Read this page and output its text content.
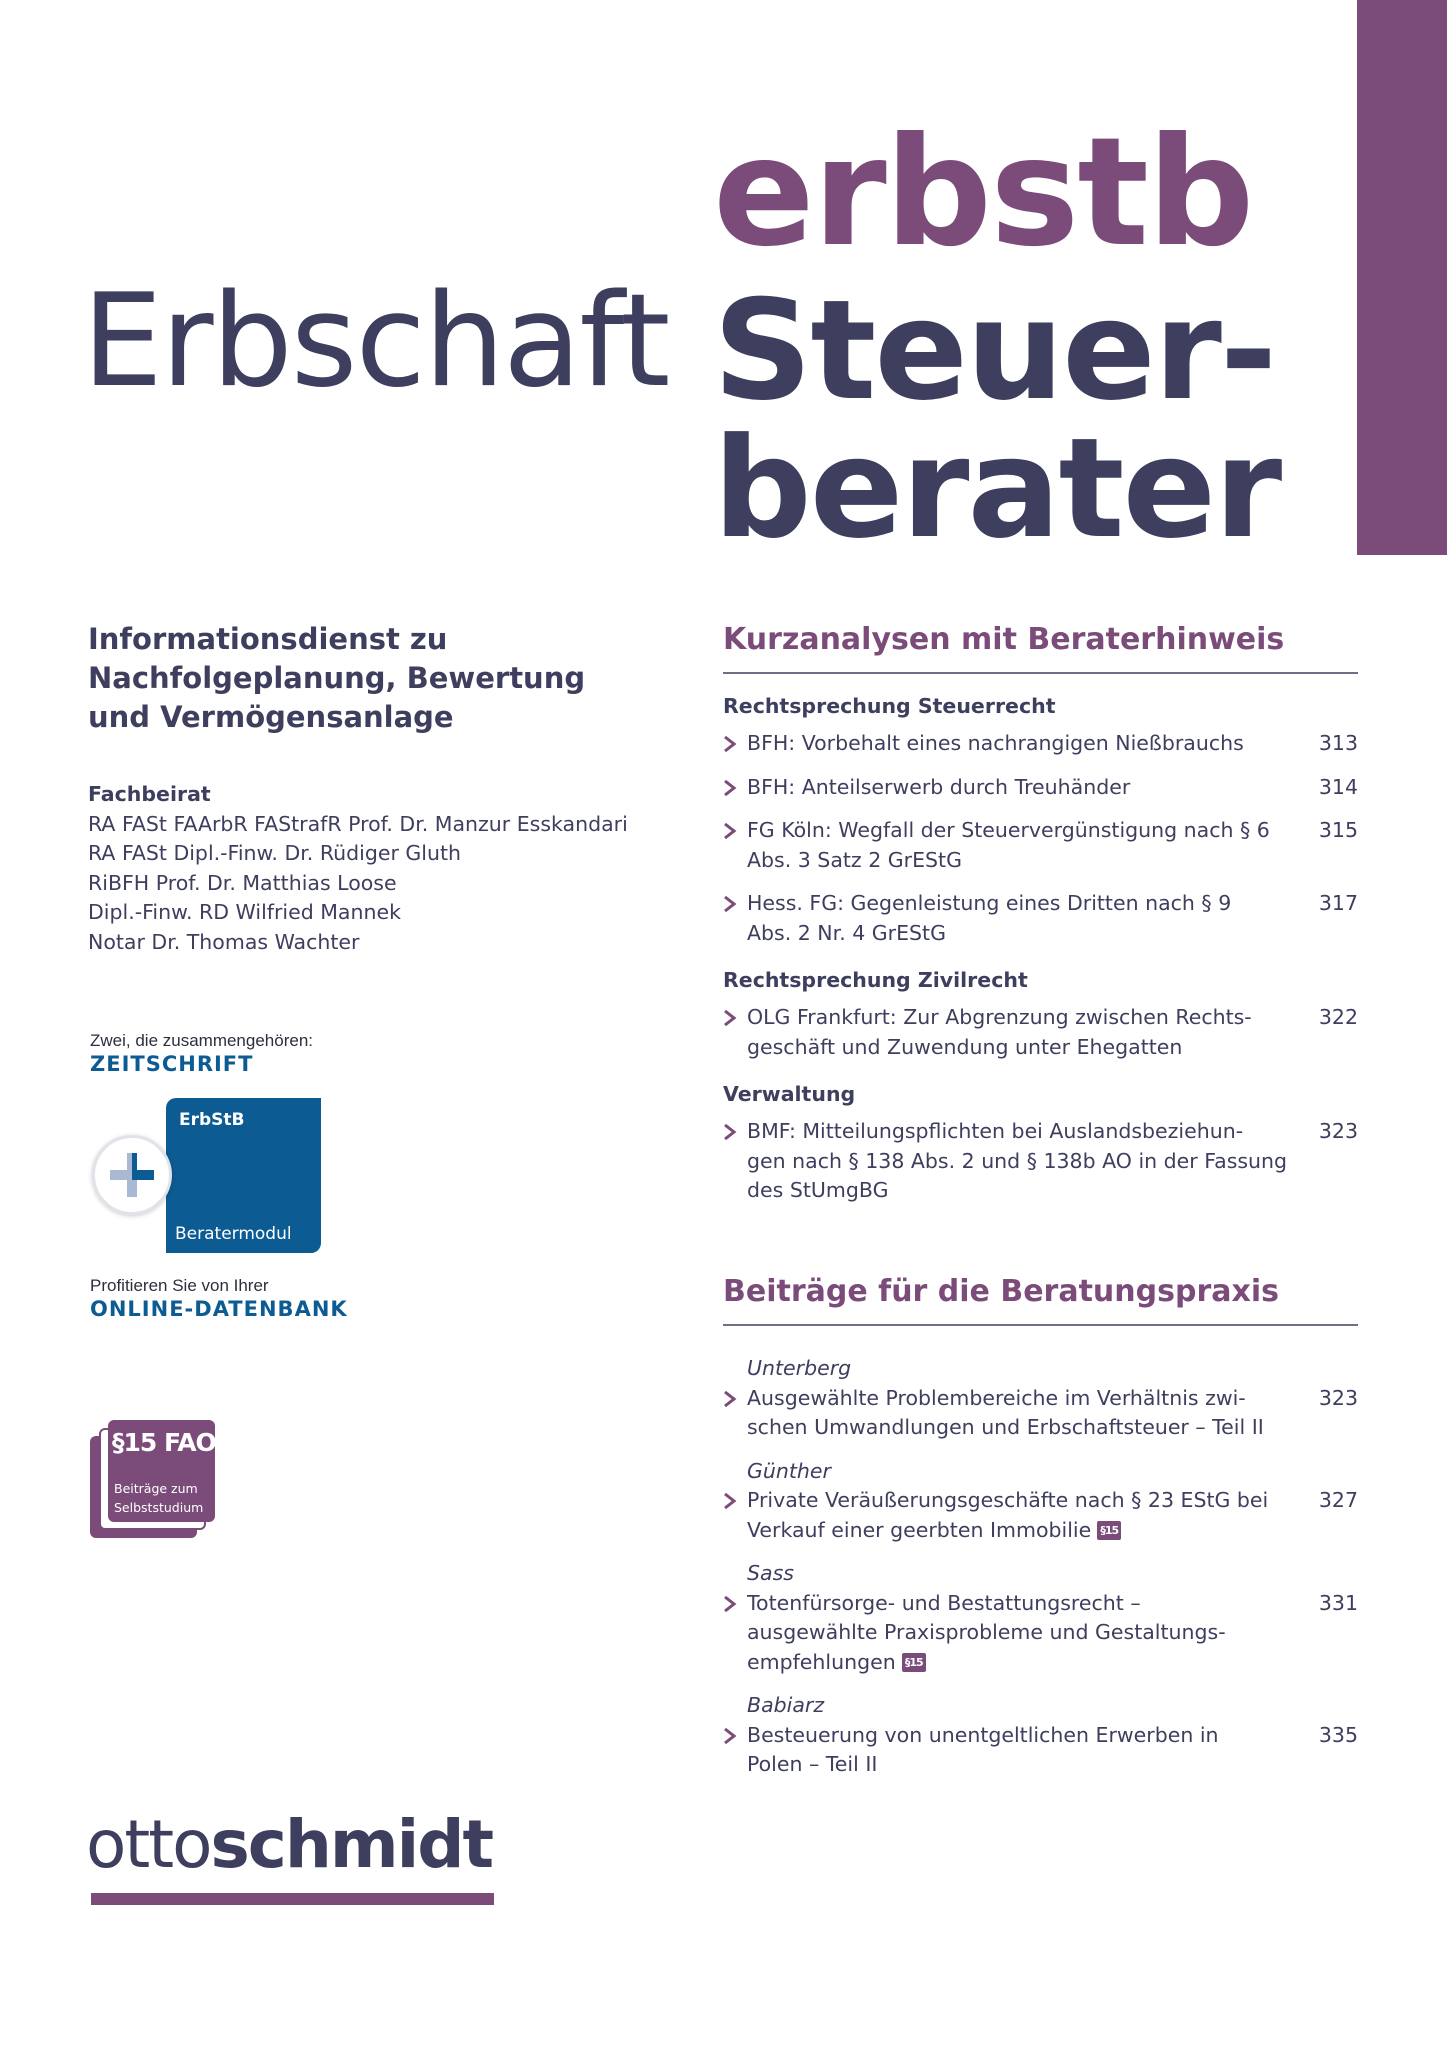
erbstb
Erbschaft Steuer-
berater
Informationsdienst zu
Nachfolgeplanung, Bewertung
und Vermögensanlage
Fachbeirat
RA FASt FAArbR FAStrafR Prof. Dr. Manzur Esskandari
RA FASt Dipl.-Finw. Dr. Rüdiger Gluth
RiBFH Prof. Dr. Matthias Loose
Dipl.-Finw. RD Wilfried Mannek
Notar Dr. Thomas Wachter
Zwei, die zusammengehören:
ZEITSCHRIFT
ErbStB
Beratermodul
Profitieren Sie von Ihrer
ONLINE-DATENBANK
§15 FAO
Beiträge zum
Selbststudium
ottoschmidt
Kurzanalysen mit Beraterhinweis
Rechtsprechung Steuerrecht
BFH: Vorbehalt eines nachrangigen Nießbrauchs	313
BFH: Anteilserwerb durch Treuhänder	314
FG Köln: Wegfall der Steuervergünstigung nach § 6
Abs. 3 Satz 2 GrEStG
315
Hess. FG: Gegenleistung eines Dritten nach § 9
Abs. 2 Nr. 4 GrEStG
317
Rechtsprechung Zivilrecht
OLG Frankfurt: Zur Abgrenzung zwischen Rechts-
geschäft und Zuwendung unter Ehegatten
322
Verwaltung
BMF: Mitteilungspflichten bei Auslandsbeziehun-
gen nach § 138 Abs. 2 und § 138b AO in der Fassung
des StUmgBG
323
Beiträge für die Beratungspraxis
Unterberg
Ausgewählte Problembereiche im Verhältnis zwi-
schen Umwandlungen und Erbschaftsteuer – Teil II
323
Günther
Private Veräußerungsgeschäfte nach § 23 EStG bei
Verkauf einer geerbten Immobilie §15
327
Sass
Totenfürsorge- und Bestattungsrecht –
ausgewählte Praxisprobleme und Gestaltungs-
empfehlungen §15
331
Babiarz
Besteuerung von unentgeltlichen Erwerben in
Polen – Teil II
335
